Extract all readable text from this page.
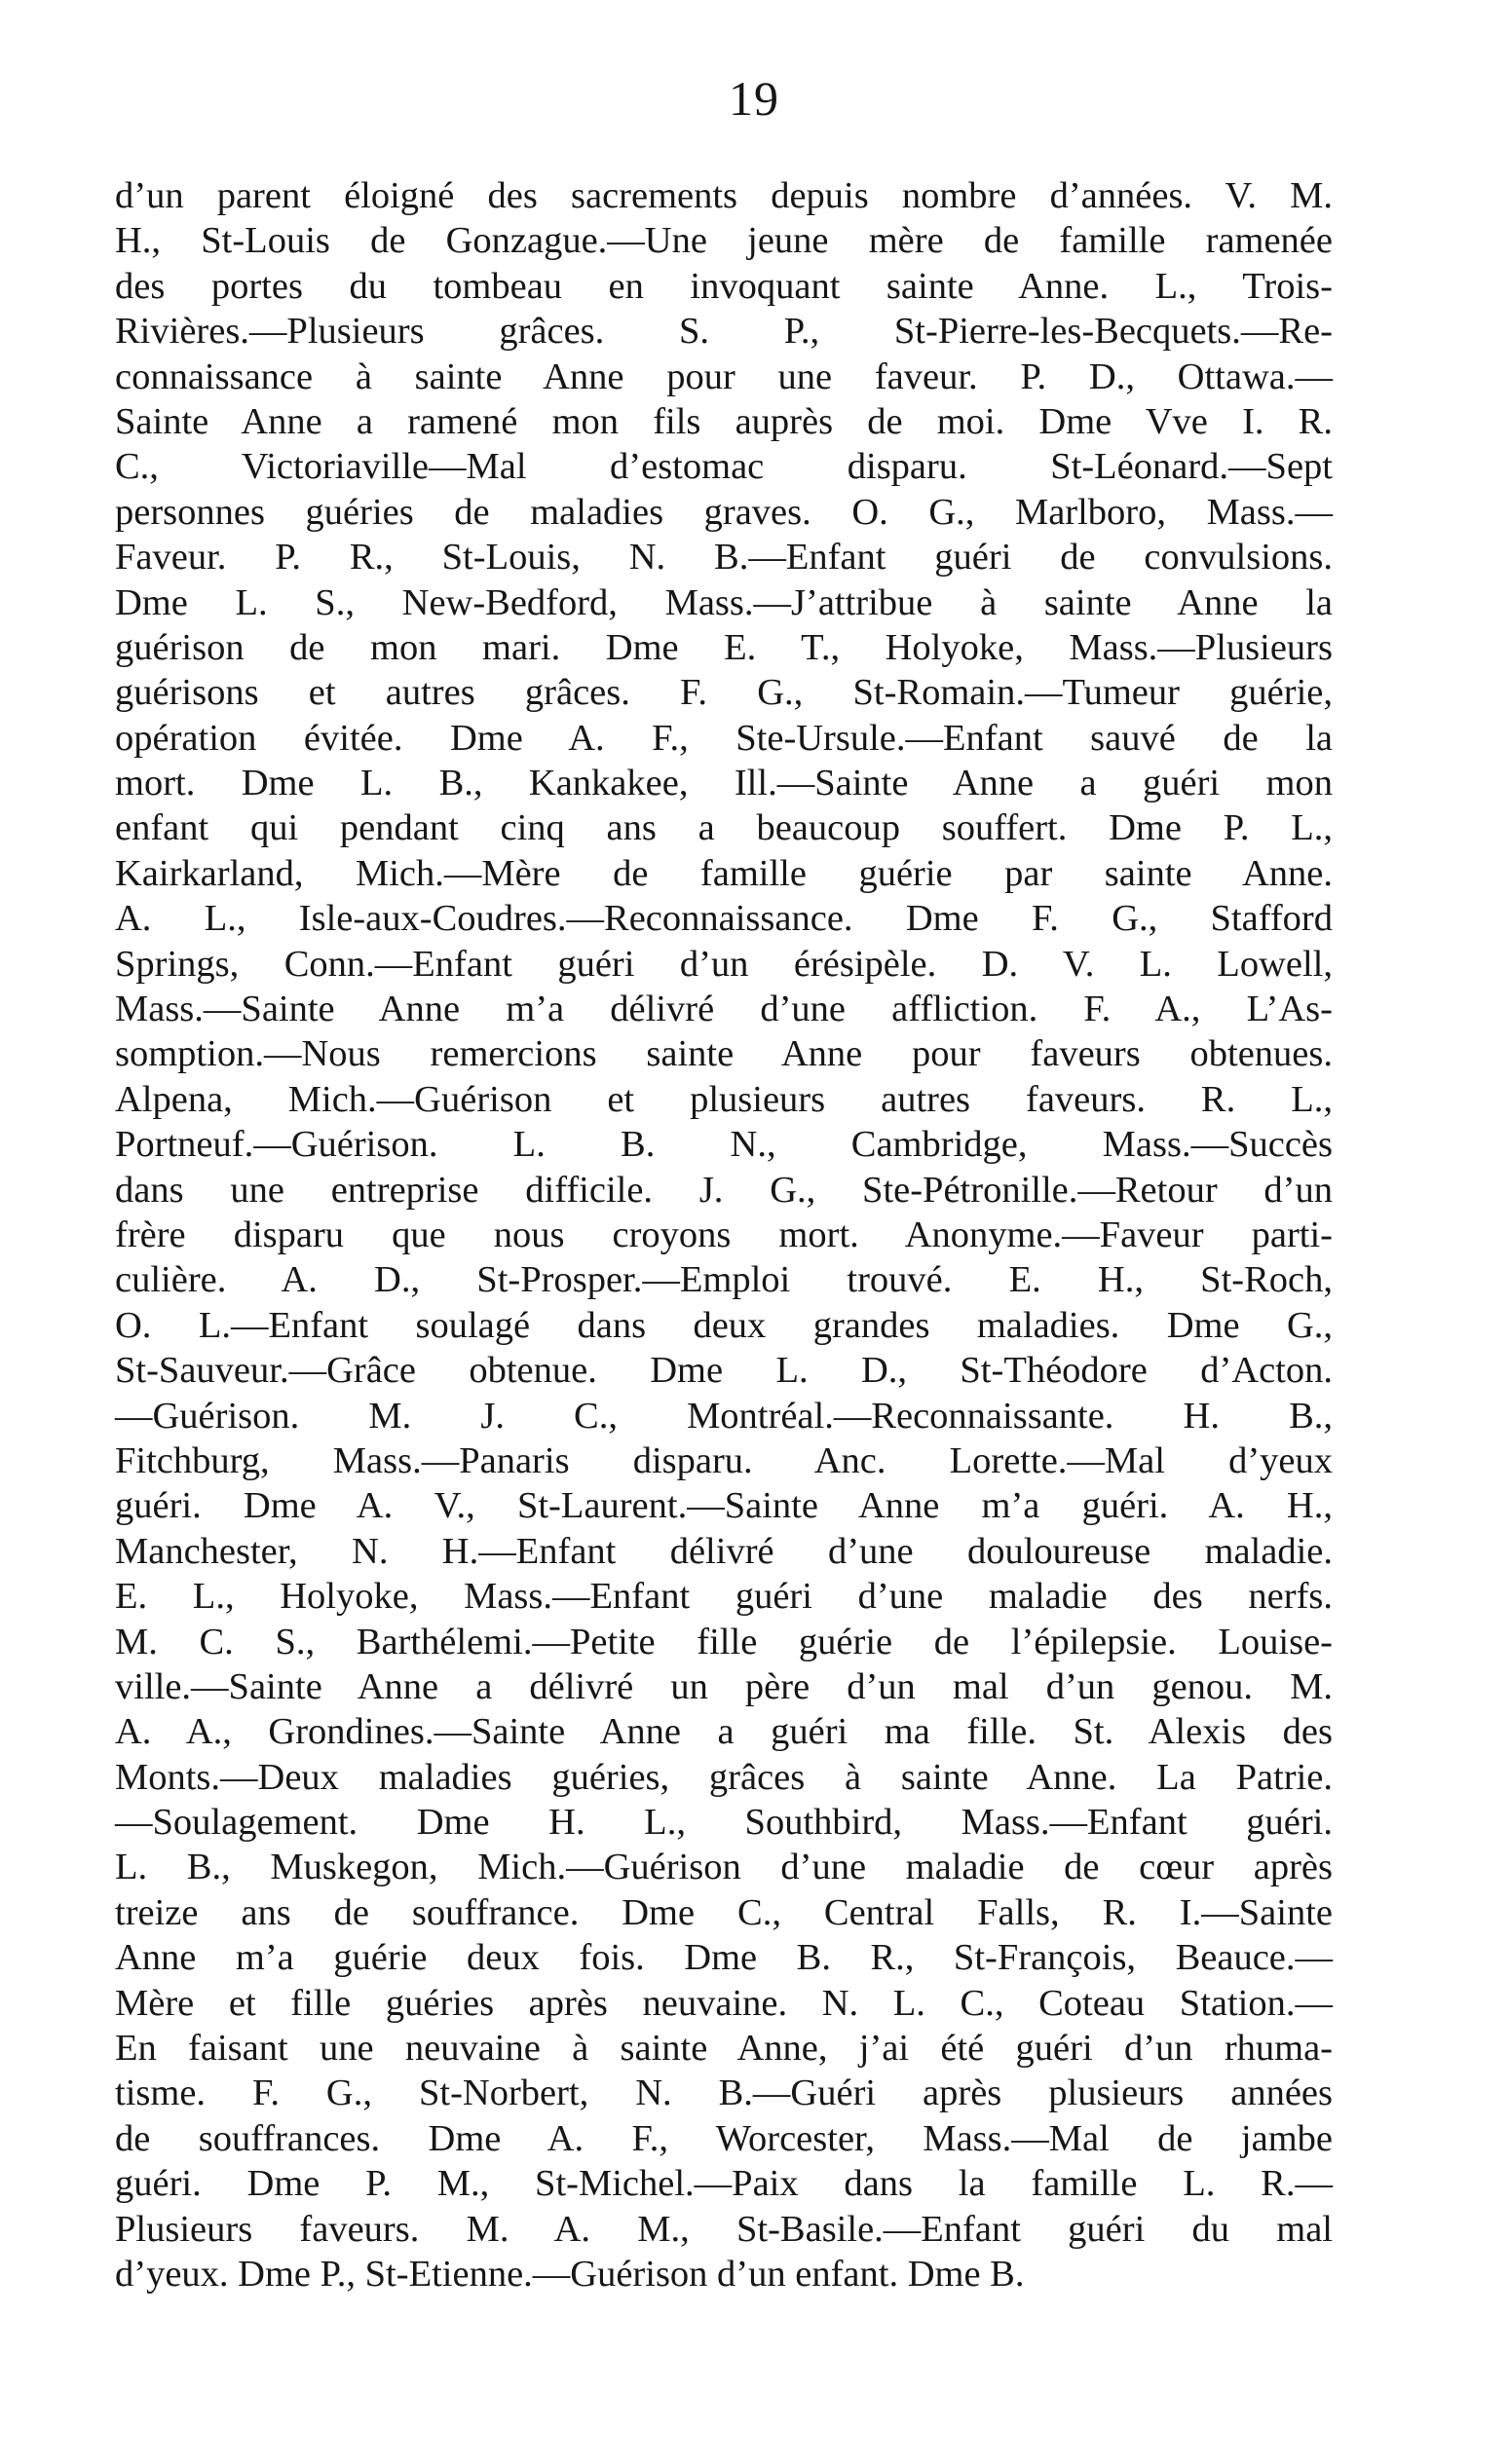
19
d’un parent éloigné des sacrements depuis nombre d’années. V. M.
H., St-Louis de Gonzague.—Une jeune mère de famille ramenée
des portes du tombeau en invoquant sainte Anne. L., Trois-
Rivières.—Plusieurs grâces. S. P., St-Pierre-les-Becquets.—Re-
connaissance à sainte Anne pour une faveur. P. D., Ottawa.—
Sainte Anne a ramené mon fils auprès de moi. Dme Vve I. R.
C., Victoriaville—Mal d’estomac disparu. St-Léonard.—Sept
personnes guéries de maladies graves. O. G., Marlboro, Mass.—
Faveur. P. R., St-Louis, N. B.—Enfant guéri de convulsions.
Dme L. S., New-Bedford, Mass.—J’attribue à sainte Anne la
guérison de mon mari. Dme E. T., Holyoke, Mass.—Plusieurs
guérisons et autres grâces. F. G., St-Romain.—Tumeur guérie,
opération évitée. Dme A. F., Ste-Ursule.—Enfant sauvé de la
mort. Dme L. B., Kankakee, Ill.—Sainte Anne a guéri mon
enfant qui pendant cinq ans a beaucoup souffert. Dme P. L.,
Kairkarland, Mich.—Mère de famille guérie par sainte Anne.
A. L., Isle-aux-Coudres.—Reconnaissance. Dme F. G., Stafford
Springs, Conn.—Enfant guéri d’un érésipèle. D. V. L. Lowell,
Mass.—Sainte Anne m’a délivré d’une affliction. F. A., L’As-
somption.—Nous remercions sainte Anne pour faveurs obtenues.
Alpena, Mich.—Guérison et plusieurs autres faveurs. R. L.,
Portneuf.—Guérison. L. B. N., Cambridge, Mass.—Succès
dans une entreprise difficile. J. G., Ste-Pétronille.—Retour d’un
frère disparu que nous croyons mort. Anonyme.—Faveur parti-
culière. A. D., St-Prosper.—Emploi trouvé. E. H., St-Roch,
O. L.—Enfant soulagé dans deux grandes maladies. Dme G.,
St-Sauveur.—Grâce obtenue. Dme L. D., St-Théodore d’Acton.
—Guérison. M. J. C., Montréal.—Reconnaissante. H. B.,
Fitchburg, Mass.—Panaris disparu. Anc. Lorette.—Mal d’yeux
guéri. Dme A. V., St-Laurent.—Sainte Anne m’a guéri. A. H.,
Manchester, N. H.—Enfant délivré d’une douloureuse maladie.
E. L., Holyoke, Mass.—Enfant guéri d’une maladie des nerfs.
M. C. S., Barthélemi.—Petite fille guérie de l’épilepsie. Louise-
ville.—Sainte Anne a délivré un père d’un mal d’un genou. M.
A. A., Grondines.—Sainte Anne a guéri ma fille. St. Alexis des
Monts.—Deux maladies guéries, grâces à sainte Anne. La Patrie.
—Soulagement. Dme H. L., Southbird, Mass.—Enfant guéri.
L. B., Muskegon, Mich.—Guérison d’une maladie de cœur après
treize ans de souffrance. Dme C., Central Falls, R. I.—Sainte
Anne m’a guérie deux fois. Dme B. R., St-François, Beauce.—
Mère et fille guéries après neuvaine. N. L. C., Coteau Station.—
En faisant une neuvaine à sainte Anne, j’ai été guéri d’un rhuma-
tisme. F. G., St-Norbert, N. B.—Guéri après plusieurs années
de souffrances. Dme A. F., Worcester, Mass.—Mal de jambe
guéri. Dme P. M., St-Michel.—Paix dans la famille L. R.—
Plusieurs faveurs. M. A. M., St-Basile.—Enfant guéri du mal
d’yeux. Dme P., St-Etienne.—Guérison d’un enfant. Dme B.
